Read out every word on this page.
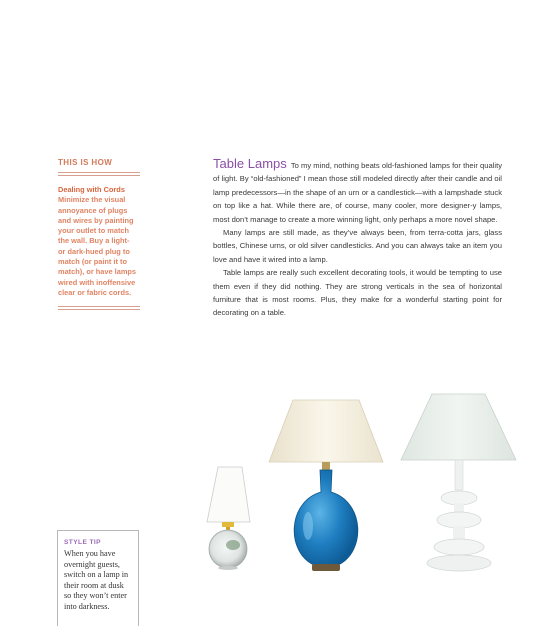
THIS IS HOW
Dealing with Cords
Minimize the visual
annoyance of plugs
and wires by painting
your outlet to match
the wall. Buy a light-
or dark-hued plug to
match (or paint it to
match), or have lamps
wired with inoffensive
clear or fabric cords.

Table Lamps To my mind, nothing beats old-fashioned lamps for their quality of light. By “old-fashioned” I mean those still modeled directly after their candle and oil lamp predecessors—in the shape of an urn or a candlestick—with a lampshade stuck on top like a hat. While there are, of course, many cooler, more designer-y lamps, most don’t manage to create a more winning light, only perhaps a more novel shape.

Many lamps are still made, as they’ve always been, from terra-cotta jars, glass bottles, Chinese urns, or old silver candlesticks. And you can always take an item you love and have it wired into a lamp.

Table lamps are really such excellent decorating tools, it would be tempting to use them even if they did nothing. They are strong verticals in the sea of horizontal furniture that is most rooms. Plus, they make for a wonderful starting point for decorating on a table.

STYLE TIP
When you have
overnight guests,
switch on a lamp in
their room at dusk
so they won’t enter
into darkness.
